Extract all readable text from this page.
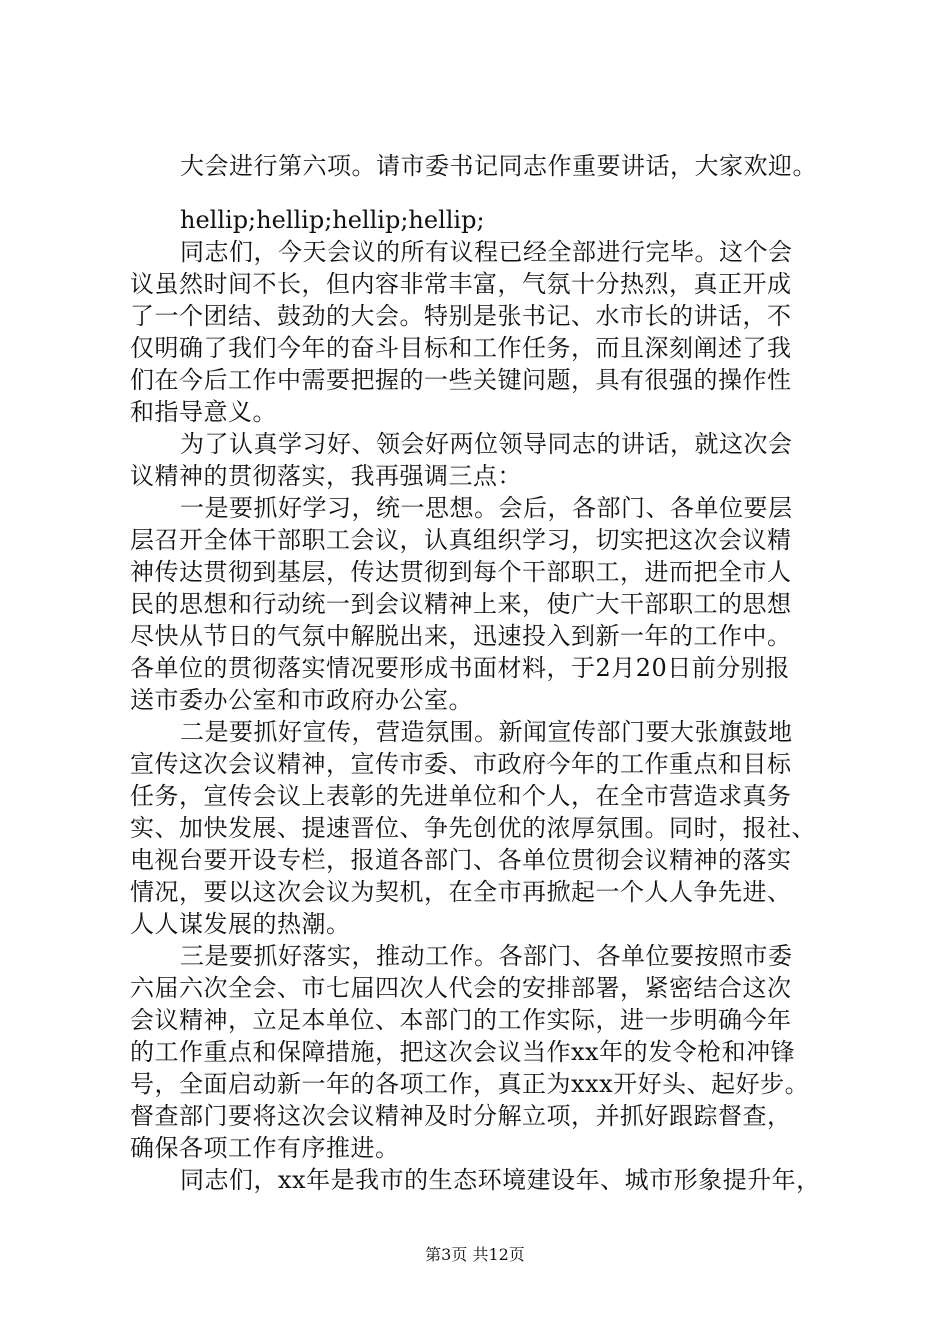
大会进行第六项。请市委书记同志作重要讲话，大家欢迎。
hellip;hellip;hellip;hellip;
同志们，今天会议的所有议程已经全部进行完毕。这个会
议虽然时间不长，但内容非常丰富，气氛十分热烈，真正开成
了一个团结、鼓劲的大会。特别是张书记、水市长的讲话，不
仅明确了我们今年的奋斗目标和工作任务，而且深刻阐述了我
们在今后工作中需要把握的一些关键问题，具有很强的操作性
和指导意义。
为了认真学习好、领会好两位领导同志的讲话，就这次会
议精神的贯彻落实，我再强调三点：
一是要抓好学习，统一思想。会后，各部门、各单位要层
层召开全体干部职工会议，认真组织学习，切实把这次会议精
神传达贯彻到基层，传达贯彻到每个干部职工，进而把全市人
民的思想和行动统一到会议精神上来，使广大干部职工的思想
尽快从节日的气氛中解脱出来，迅速投入到新一年的工作中。
各单位的贯彻落实情况要形成书面材料，于2月20日前分别报
送市委办公室和市政府办公室。
二是要抓好宣传，营造氛围。新闻宣传部门要大张旗鼓地
宣传这次会议精神，宣传市委、市政府今年的工作重点和目标
任务，宣传会议上表彰的先进单位和个人，在全市营造求真务
实、加快发展、提速晋位、争先创优的浓厚氛围。同时，报社、
电视台要开设专栏，报道各部门、各单位贯彻会议精神的落实
情况，要以这次会议为契机，在全市再掀起一个人人争先进、
人人谋发展的热潮。
三是要抓好落实，推动工作。各部门、各单位要按照市委
六届六次全会、市七届四次人代会的安排部署，紧密结合这次
会议精神，立足本单位、本部门的工作实际，进一步明确今年
的工作重点和保障措施，把这次会议当作xx年的发令枪和冲锋
号，全面启动新一年的各项工作，真正为xxx开好头、起好步。
督查部门要将这次会议精神及时分解立项，并抓好跟踪督查，
确保各项工作有序推进。
同志们，xx年是我市的生态环境建设年、城市形象提升年，
第3页 共12页
